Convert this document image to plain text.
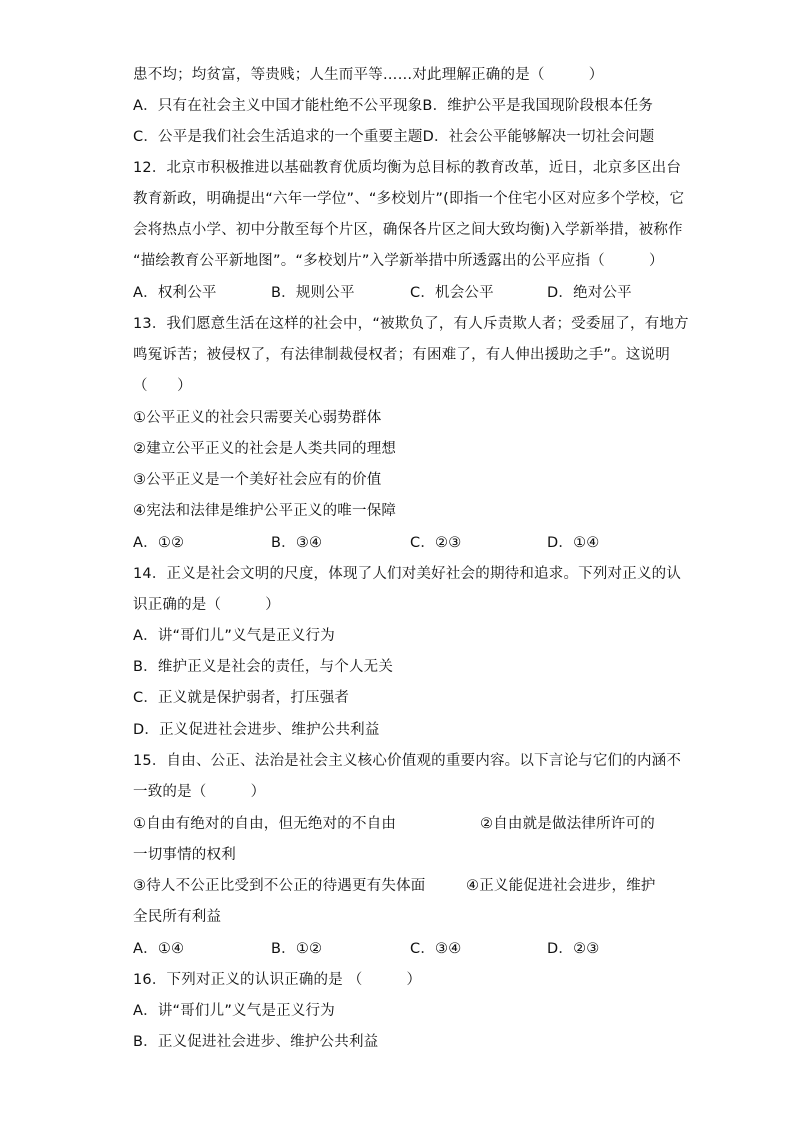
患不均；均贫富，等贵贱；人生而平等……对此理解正确的是（　　　）
A．只有在社会主义中国才能杜绝不公平现象B．维护公平是我国现阶段根本任务
C．公平是我们社会生活追求的一个重要主题D．社会公平能够解决一切社会问题
12．北京市积极推进以基础教育优质均衡为总目标的教育改革，近日，北京多区出台
教育新政，明确提出“六年一学位”、“多校划片”(即指一个住宅小区对应多个学校，它
会将热点小学、初中分散至每个片区，确保各片区之间大致均衡)入学新举措，被称作
“描绘教育公平新地图”。“多校划片”入学新举措中所透露出的公平应指（　　　）
A．权利公平	B．规则公平	C．机会公平	D．绝对公平
13．我们愿意生活在这样的社会中，“被欺负了，有人斥责欺人者；受委屈了，有地方
鸣冤诉苦；被侵权了，有法律制裁侵权者；有困难了，有人伸出援助之手”。这说明
（　　）
①公平正义的社会只需要关心弱势群体
②建立公平正义的社会是人类共同的理想
③公平正义是一个美好社会应有的价值
④宪法和法律是维护公平正义的唯一保障
A．①②	B．③④	C．②③	D．①④
14．正义是社会文明的尺度，体现了人们对美好社会的期待和追求。下列对正义的认
识正确的是（　　　）
A．讲“哥们儿”义气是正义行为
B．维护正义是社会的责任，与个人无关
C．正义就是保护弱者，打压强者
D．正义促进社会进步、维护公共利益
15．自由、公正、法治是社会主义核心价值观的重要内容。以下言论与它们的内涵不
一致的是（　　　）
①自由有绝对的自由，但无绝对的不自由	②自由就是做法律所许可的
一切事情的权利
③待人不公正比受到不公正的待遇更有失体面	④正义能促进社会进步，维护
全民所有利益
A．①④	B．①②	C．③④	D．②③
16．下列对正义的认识正确的是 （　　　）
A．讲“哥们儿”义气是正义行为
B．正义促进社会进步、维护公共利益
